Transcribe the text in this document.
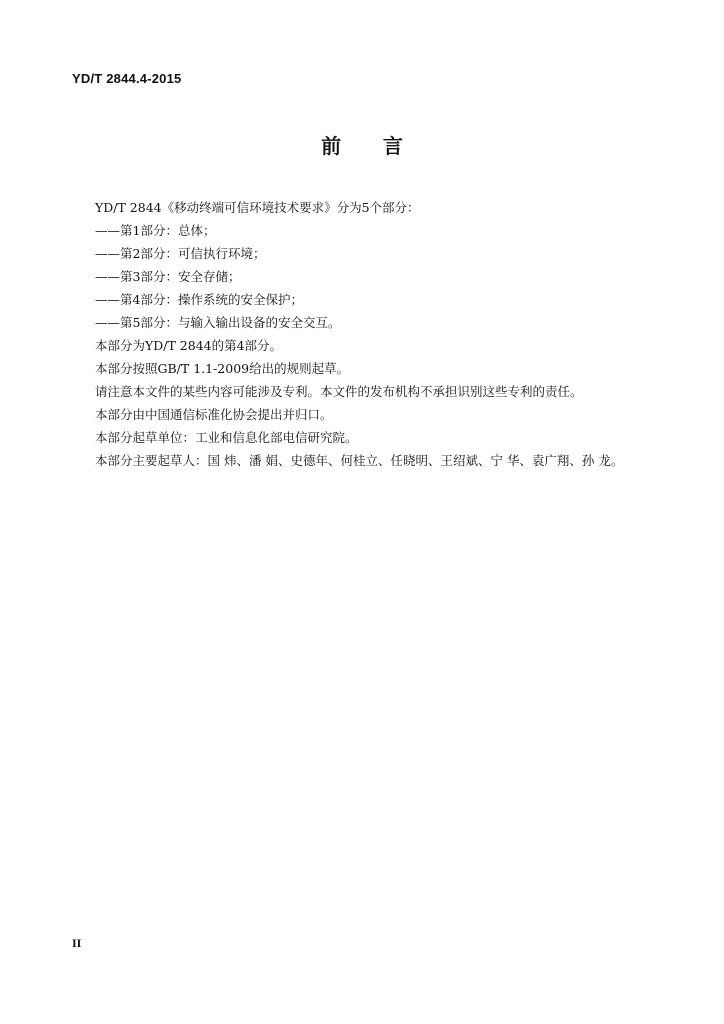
YD/T 2844.4-2015
前      言
YD/T 2844《移动终端可信环境技术要求》分为5个部分：
——第1部分：总体；
——第2部分：可信执行环境；
——第3部分：安全存储；
——第4部分：操作系统的安全保护；
——第5部分：与输入输出设备的安全交互。
本部分为YD/T 2844的第4部分。
本部分按照GB/T 1.1-2009给出的规则起草。
请注意本文件的某些内容可能涉及专利。本文件的发布机构不承担识别这些专利的责任。
本部分由中国通信标准化协会提出并归口。
本部分起草单位：工业和信息化部电信研究院。
本部分主要起草人：国 炜、潘 娟、史德年、何桂立、任晓明、王绍斌、宁 华、袁广翔、孙 龙。
II
